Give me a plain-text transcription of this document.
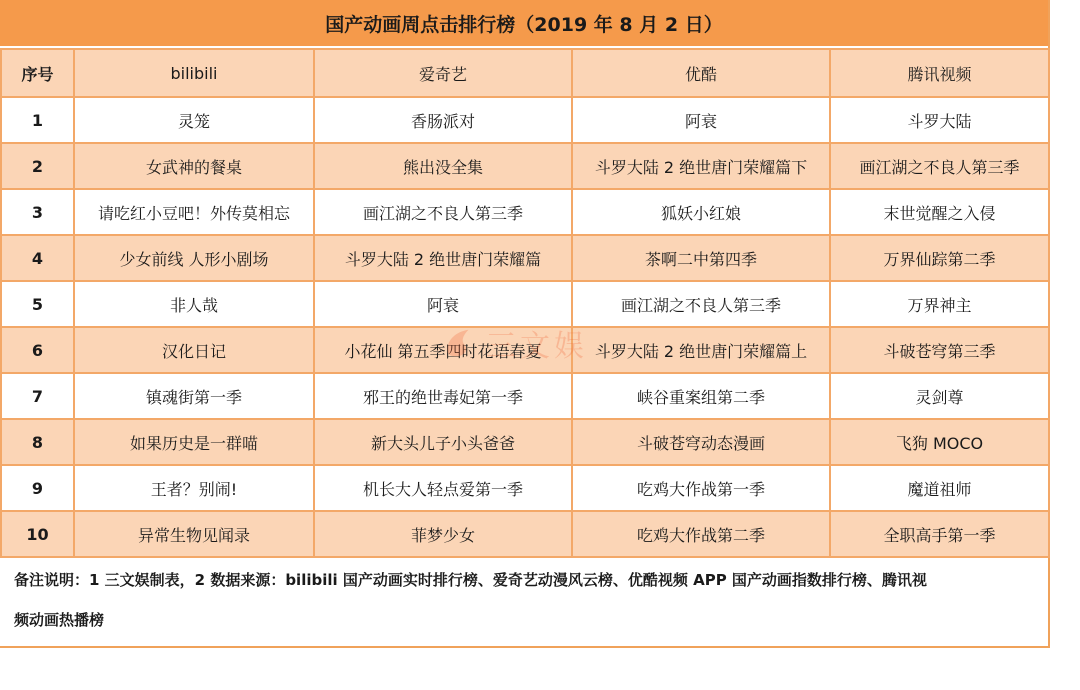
国产动画周点击排行榜（2019 年 8 月 2 日）
序号	bilibili	爱奇艺	优酷	腾讯视频
1	灵笼	香肠派对	阿衰	斗罗大陆
2	女武神的餐桌	熊出没全集	斗罗大陆 2 绝世唐门荣耀篇下	画江湖之不良人第三季
3	请吃红小豆吧！外传莫相忘	画江湖之不良人第三季	狐妖小红娘	末世觉醒之入侵
4	少女前线 人形小剧场	斗罗大陆 2 绝世唐门荣耀篇	茶啊二中第四季	万界仙踪第二季
5	非人哉	阿衰	画江湖之不良人第三季	万界神主
6	汉化日记	小花仙 第五季四时花语春夏	斗罗大陆 2 绝世唐门荣耀篇上	斗破苍穹第三季
7	镇魂街第一季	邪王的绝世毒妃第一季	峡谷重案组第二季	灵剑尊
8	如果历史是一群喵	新大头儿子小头爸爸	斗破苍穹动态漫画	飞狗 MOCO
9	王者？别闹!	机长大人轻点爱第一季	吃鸡大作战第一季	魔道祖师
10	异常生物见闻录	菲梦少女	吃鸡大作战第二季	全职高手第一季
三文娱
备注说明：1 三文娱制表，2 数据来源：bilibili 国产动画实时排行榜、爱奇艺动漫风云榜、优酷视频 APP 国产动画指数排行榜、腾讯视
频动画热播榜
